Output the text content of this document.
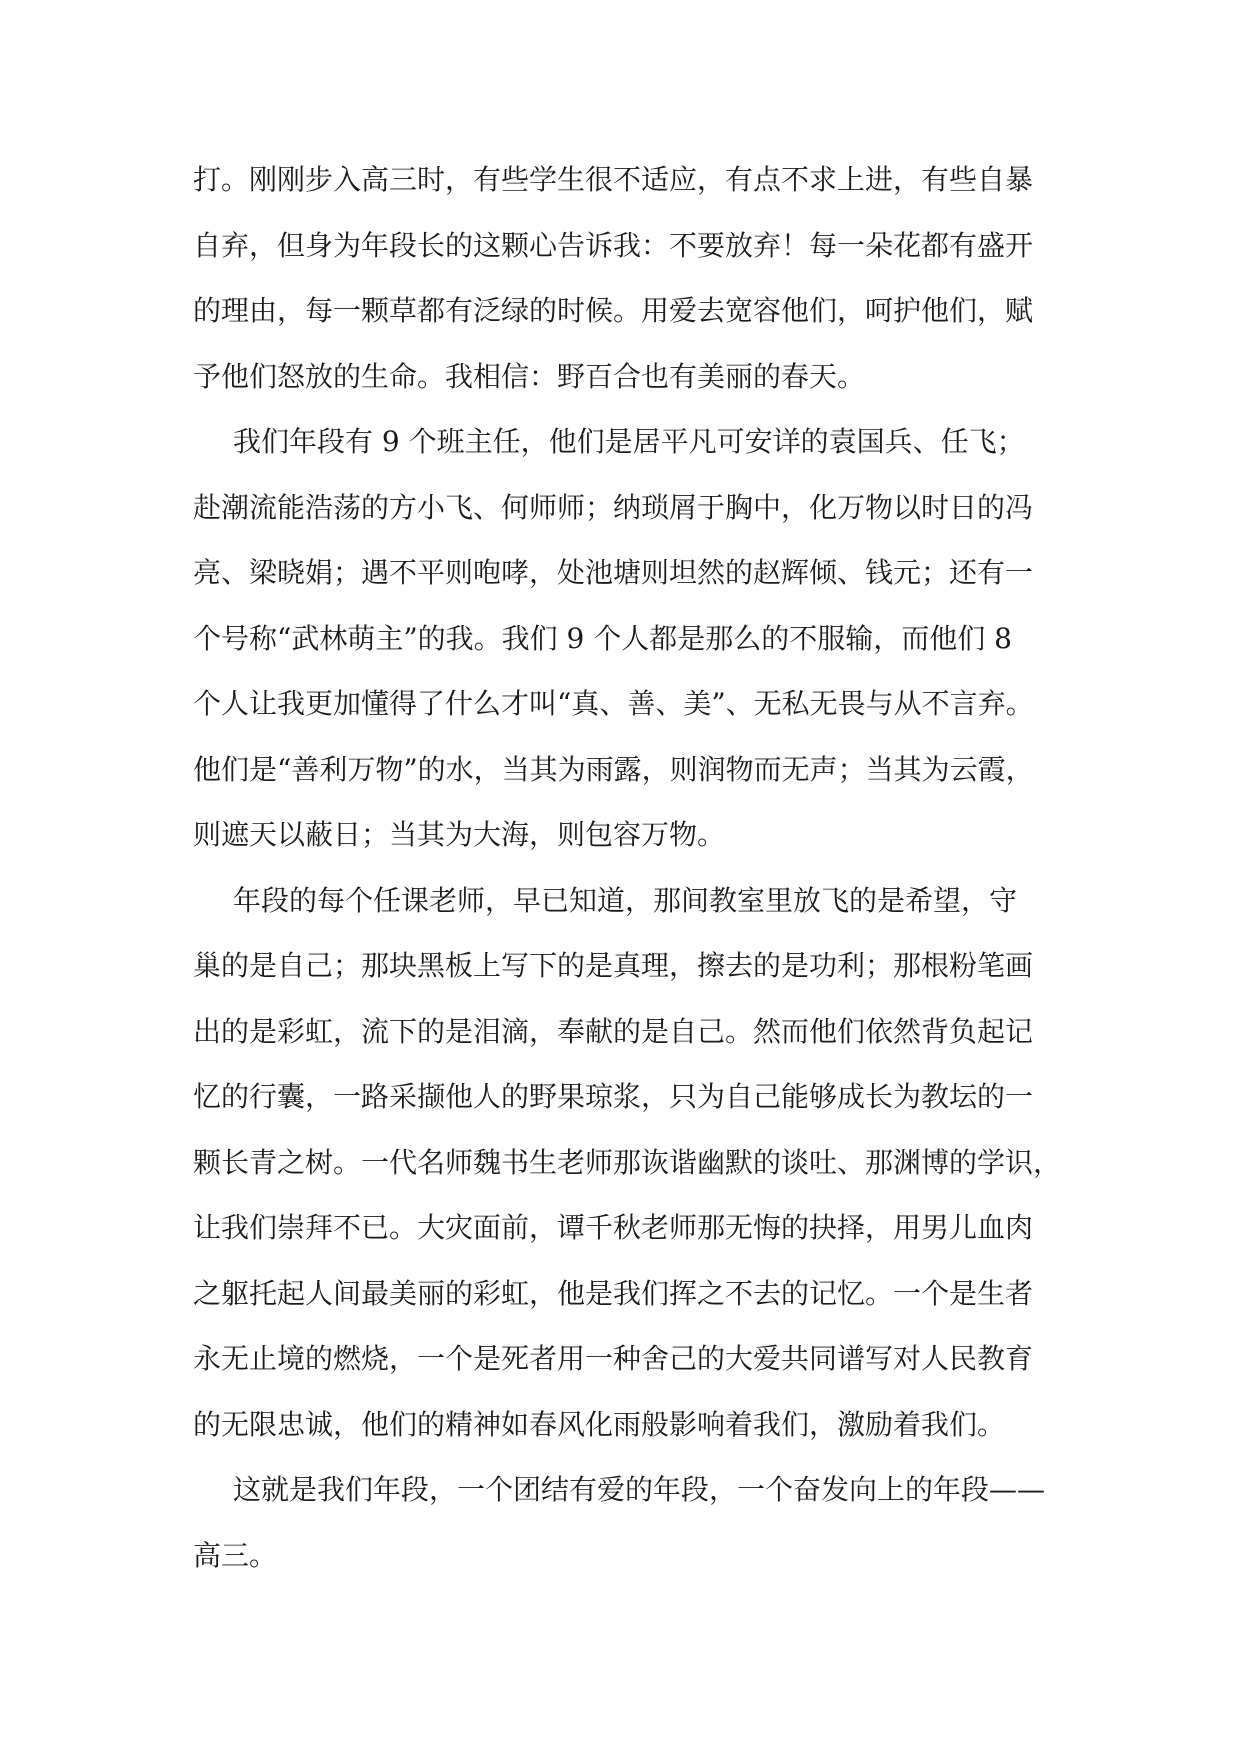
打。刚刚步入高三时，有些学生很不适应，有点不求上进，有些自暴
自弃，但身为年段长的这颗心告诉我：不要放弃！每一朵花都有盛开
的理由，每一颗草都有泛绿的时候。用爱去宽容他们，呵护他们，赋
予他们怒放的生命。我相信：野百合也有美丽的春天。
我们年段有 9 个班主任，他们是居平凡可安详的袁国兵、任飞；
赴潮流能浩荡的方小飞、何师师；纳琐屑于胸中，化万物以时日的冯
亮、梁晓娟；遇不平则咆哮，处池塘则坦然的赵辉倾、钱元；还有一
个号称“武林萌主”的我。我们 9 个人都是那么的不服输，而他们 8
个人让我更加懂得了什么才叫“真、善、美”、无私无畏与从不言弃。
他们是“善利万物”的水，当其为雨露，则润物而无声；当其为云霞，
则遮天以蔽日；当其为大海，则包容万物。
年段的每个任课老师，早已知道，那间教室里放飞的是希望，守
巢的是自己；那块黑板上写下的是真理，擦去的是功利；那根粉笔画
出的是彩虹，流下的是泪滴，奉献的是自己。然而他们依然背负起记
忆的行囊，一路采撷他人的野果琼浆，只为自己能够成长为教坛的一
颗长青之树。一代名师魏书生老师那诙谐幽默的谈吐、那渊博的学识，
让我们崇拜不已。大灾面前，谭千秋老师那无悔的抉择，用男儿血肉
之躯托起人间最美丽的彩虹，他是我们挥之不去的记忆。一个是生者
永无止境的燃烧，一个是死者用一种舍己的大爱共同谱写对人民教育
的无限忠诚，他们的精神如春风化雨般影响着我们，激励着我们。
这就是我们年段，一个团结有爱的年段，一个奋发向上的年段——
高三。
